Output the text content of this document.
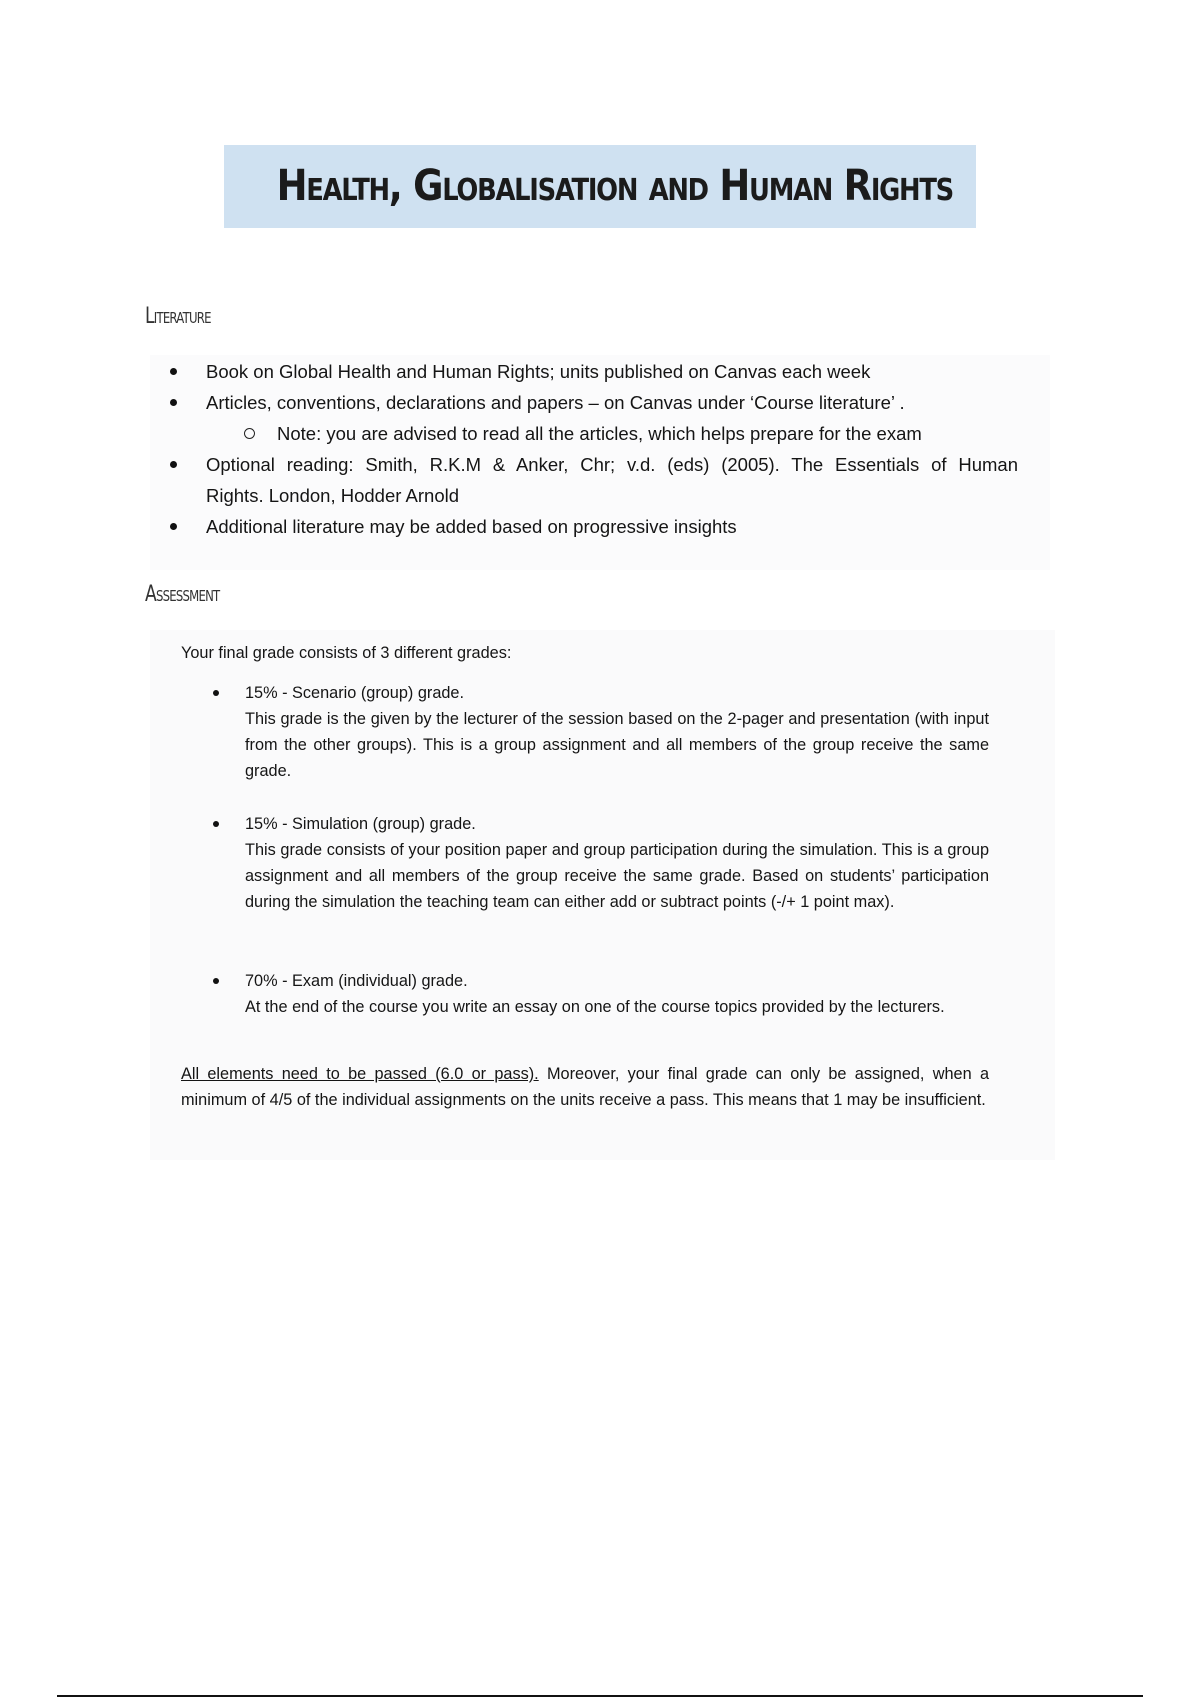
Health, Globalisation and Human Rights
Literature
Book on Global Health and Human Rights; units published on Canvas each week
Articles, conventions, declarations and papers – on Canvas under ‘Course literature’ .
Note: you are advised to read all the articles, which helps prepare for the exam
Optional reading: Smith, R.K.M & Anker, Chr; v.d. (eds) (2005). The Essentials of Human
Rights. London, Hodder Arnold
Additional literature may be added based on progressive insights
Assessment
Your final grade consists of 3 different grades:
15% - Scenario (group) grade.
This grade is the given by the lecturer of the session based on the 2-pager and presentation (with input from the other groups). This is a group assignment and all members of the group receive the same grade.
15% - Simulation (group) grade.
This grade consists of your position paper and group participation during the simulation. This is a group assignment and all members of the group receive the same grade. Based on students’ participation during the simulation the teaching team can either add or subtract points (-/+ 1 point max).
70% - Exam (individual) grade.
At the end of the course you write an essay on one of the course topics provided by the lecturers.
All elements need to be passed (6.0 or pass). Moreover, your final grade can only be assigned, when a minimum of 4/5 of the individual assignments on the units receive a pass. This means that 1 may be insufficient.
